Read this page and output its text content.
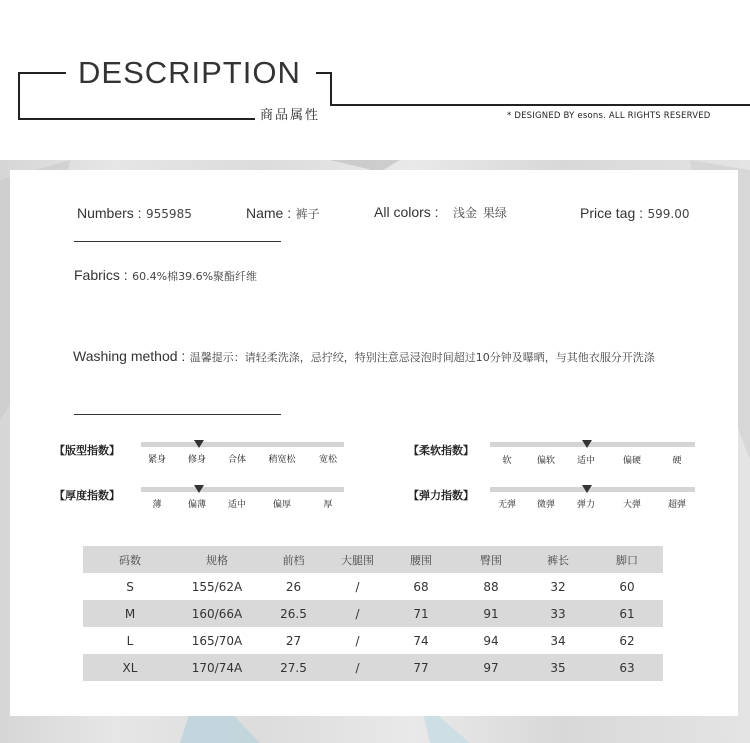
DESCRIPTION
商品属性	* DESIGNED BY esons. ALL RIGHTS RESERVED
Numbers : 955985	Name : 裤子	All colors : 浅金 果绿	Price tag : 599.00
Fabrics : 60.4%棉39.6%聚酯纤维
Washing method : 温馨提示：请轻柔洗涤，忌拧绞，特别注意忌浸泡时间超过10分钟及曝晒，与其他衣服分开洗涤
【版型指数】
紧身 修身 合体 稍宽松	宽松
【柔软指数】
软	偏软 适中	偏硬	硬
【厚度指数】
薄	偏薄 适中	偏厚	厚
【弹力指数】
无弹 微弹 弹力	大弹	超弹
码数	规格	前档	大腿围	腰围	臀围	裤长	脚口
S	155/62A	26	/	68	88	32	60
M	160/66A	26.5	/	71	91	33	61
L	165/70A	27	/	74	94	34	62
XL	170/74A	27.5	/	77	97	35	63
